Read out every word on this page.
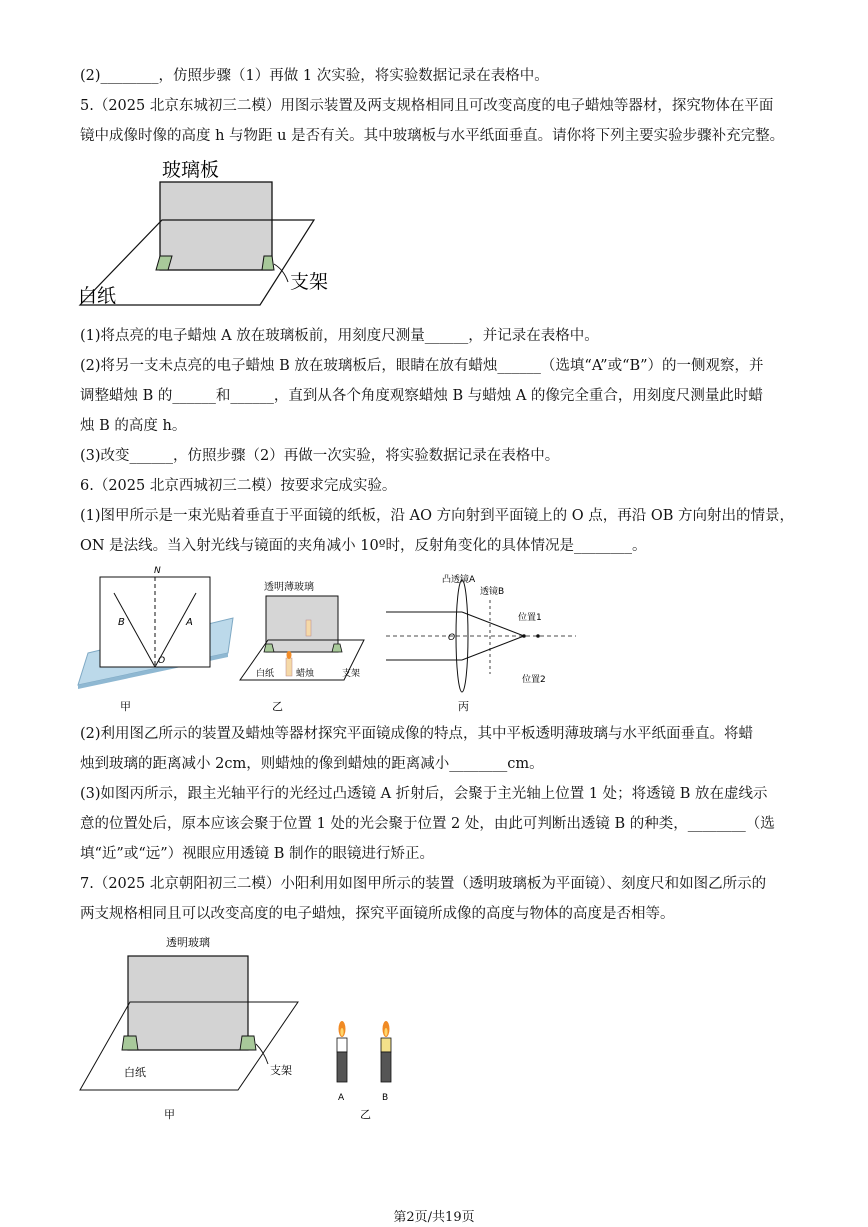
(2)________，仿照步骤（1）再做 1 次实验，将实验数据记录在表格中。
5.（2025 北京东城初三二模）用图示装置及两支规格相同且可改变高度的电子蜡烛等器材，探究物体在平面
镜中成像时像的高度 h 与物距 u 是否有关。其中玻璃板与水平纸面垂直。请你将下列主要实验步骤补充完整。
玻璃板
支架
白纸
(1)将点亮的电子蜡烛 A 放在玻璃板前，用刻度尺测量______，并记录在表格中。
(2)将另一支未点亮的电子蜡烛 B 放在玻璃板后，眼睛在放有蜡烛______（选填“A”或“B”）的一侧观察，并
调整蜡烛 B 的______和______，直到从各个角度观察蜡烛 B 与蜡烛 A 的像完全重合，用刻度尺测量此时蜡
烛 B 的高度 h。
(3)改变______，仿照步骤（2）再做一次实验，将实验数据记录在表格中。
6.（2025 北京西城初三二模）按要求完成实验。
(1)图甲所示是一束光贴着垂直于平面镜的纸板，沿 AO 方向射到平面镜上的 O 点，再沿 OB 方向射出的情景，
ON 是法线。当入射光线与镜面的夹角减小 10º时，反射角变化的具体情况是________。
N
B	A
O
甲
透明薄玻璃
白纸 蜡烛	支架
乙
凸透镜A
透镜B
O
位置1
位置2
丙
(2)利用图乙所示的装置及蜡烛等器材探究平面镜成像的特点，其中平板透明薄玻璃与水平纸面垂直。将蜡
烛到玻璃的距离减小 2cm，则蜡烛的像到蜡烛的距离减小________cm。
(3)如图丙所示，跟主光轴平行的光经过凸透镜 A 折射后，会聚于主光轴上位置 1 处；将透镜 B 放在虚线示
意的位置处后，原本应该会聚于位置 1 处的光会聚于位置 2 处，由此可判断出透镜 B 的种类，________（选
填“近”或“远”）视眼应用透镜 B 制作的眼镜进行矫正。
7.（2025 北京朝阳初三二模）小阳利用如图甲所示的装置（透明玻璃板为平面镜）、刻度尺和如图乙所示的
两支规格相同且可以改变高度的电子蜡烛，探究平面镜所成像的高度与物体的高度是否相等。
透明玻璃
支架
白纸
甲
A	B
乙
第2页/共19页
